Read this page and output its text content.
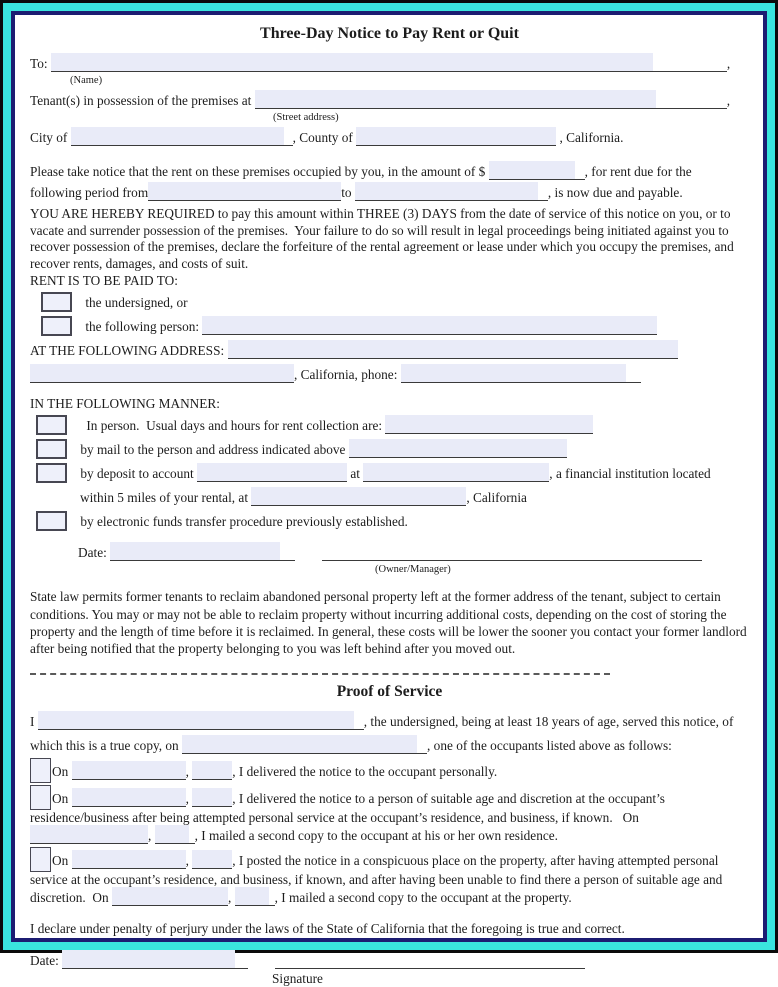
Three-Day Notice to Pay Rent or Quit

To:	,

(Name)

Tenant(s) in possession of the premises at	,

(Street address)

City of	, County of	, California.

Please take notice that the rent on these premises occupied by you, in the amount of $	, for rent due for the

following period from	to	, is now due and payable.

YOU ARE HEREBY REQUIRED to pay this amount within THREE (3) DAYS from the date of service of this notice on you, or to vacate and surrender possession of the premises.  Your failure to do so will result in legal proceedings being initiated against you to recover possession of the premises, declare the forfeiture of the rental agreement or lease under which you occupy the premises, and recover rents, damages, and costs of suit.

RENT IS TO BE PAID TO:

the undersigned, or

the following person:

AT THE FOLLOWING ADDRESS:

, California, phone:

IN THE FOLLOWING MANNER:

In person.  Usual days and hours for rent collection are:

by mail to the person and address indicated above

by deposit to account	at	, a financial institution located

within 5 miles of your rental, at	, California

by electronic funds transfer procedure previously established.

Date:

(Owner/Manager)

State law permits former tenants to reclaim abandoned personal property left at the former address of the tenant, subject to certain conditions. You may or may not be able to reclaim property without incurring additional costs, depending on the cost of storing the property and the length of time before it is reclaimed. In general, these costs will be lower the sooner you contact your former landlord after being notified that the property belonging to you was left behind after you moved out.

Proof of Service

I	, the undersigned, being at least 18 years of age, served this notice, of

which this is a true copy, on	, one of the occupants listed above as follows:

On	,	, I delivered the notice to the occupant personally.

On	,	, I delivered the notice to a person of suitable age and discretion at the occupant’s
residence/business after being attempted personal service at the occupant’s residence, and business, if known.   On

,	, I mailed a second copy to the occupant at his or her own residence.

On	,	, I posted the notice in a conspicuous place on the property, after having attempted personal
service at the occupant’s residence, and business, if known, and after having been unable to find there a person of suitable age and
discretion.  On	,	, I mailed a second copy to the occupant at the property.

I declare under penalty of perjury under the laws of the State of California that the foregoing is true and correct.

Date:

Signature
